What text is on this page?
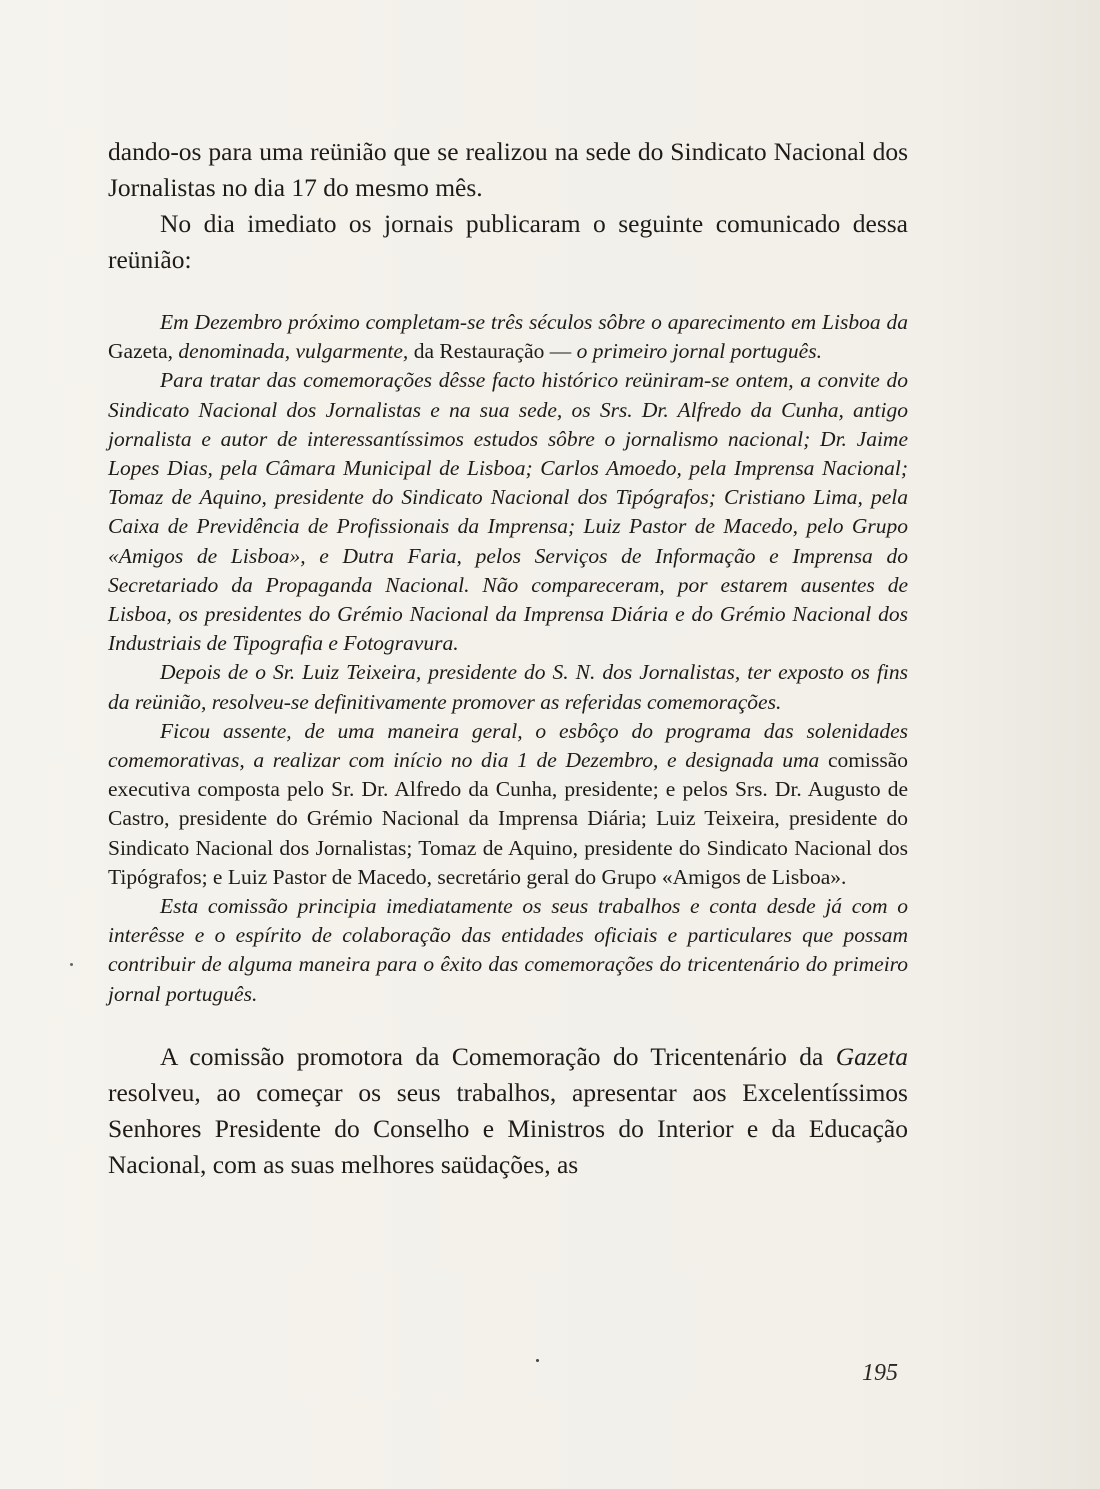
dando-os para uma reünião que se realizou na sede do Sindicato Nacional dos Jornalistas no dia 17 do mesmo mês.

No dia imediato os jornais publicaram o seguinte comunicado dessa reünião:

Em Dezembro próximo completam-se três séculos sôbre o aparecimento em Lisboa da Gazeta, denominada, vulgarmente, da Restauração — o primeiro jornal português.

Para tratar das comemorações dêsse facto histórico reüniram-se ontem, a convite do Sindicato Nacional dos Jornalistas e na sua sede, os Srs. Dr. Alfredo da Cunha, antigo jornalista e autor de interessantíssimos estudos sôbre o jornalismo nacional; Dr. Jaime Lopes Dias, pela Câmara Municipal de Lisboa; Carlos Amoedo, pela Imprensa Nacional; Tomaz de Aquino, presidente do Sindicato Nacional dos Tipógrafos; Cristiano Lima, pela Caixa de Previdência de Profissionais da Imprensa; Luiz Pastor de Macedo, pelo Grupo «Amigos de Lisboa», e Dutra Faria, pelos Serviços de Informação e Imprensa do Secretariado da Propaganda Nacional. Não compareceram, por estarem ausentes de Lisboa, os presidentes do Grémio Nacional da Imprensa Diária e do Grémio Nacional dos Industriais de Tipografia e Fotogravura.

Depois de o Sr. Luiz Teixeira, presidente do S. N. dos Jornalistas, ter exposto os fins da reünião, resolveu-se definitivamente promover as referidas comemorações.

Ficou assente, de uma maneira geral, o esbôço do programa das solenidades comemorativas, a realizar com início no dia 1 de Dezembro, e designada uma comissão executiva composta pelo Sr. Dr. Alfredo da Cunha, presidente; e pelos Srs. Dr. Augusto de Castro, presidente do Grémio Nacional da Imprensa Diária; Luiz Teixeira, presidente do Sindicato Nacional dos Jornalistas; Tomaz de Aquino, presidente do Sindicato Nacional dos Tipógrafos; e Luiz Pastor de Macedo, secretário geral do Grupo «Amigos de Lisboa».

Esta comissão principia imediatamente os seus trabalhos e conta desde já com o interêsse e o espírito de colaboração das entidades oficiais e particulares que possam contribuir de alguma maneira para o êxito das comemorações do tricentenário do primeiro jornal português.

A comissão promotora da Comemoração do Tricentenário da Gazeta resolveu, ao começar os seus trabalhos, apresentar aos Excelentíssimos Senhores Presidente do Conselho e Ministros do Interior e da Educação Nacional, com as suas melhores saüdações, as

195
